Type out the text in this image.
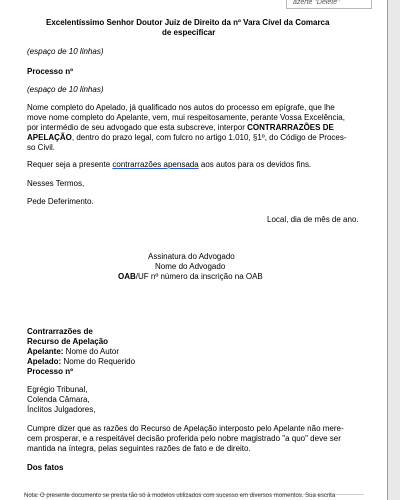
azerte "Delete"
Excelentíssimo Senhor Doutor Juiz de Direito da nº Vara Cível da Comarca
de especificar
(espaço de 10 linhas)
Processo nº
(espaço de 10 linhas)
Nome completo do Apelado, já qualificado nos autos do processo em epígrafe, que lhe
move nome completo do Apelante, vem, mui respeitosamente, perante Vossa Excelência,
por intermédio de seu advogado que esta subscreve, interpor CONTRARRAZÕES DE
APELAÇÃO, dentro do prazo legal, com fulcro no artigo 1.010, §1º, do Código de Proces-
so Civil.
Requer seja a presente contrarrazões apensada aos autos para os devidos fins.
Nesses Termos,
Pede Deferimento.
Local, dia de mês de ano.
Assinatura do Advogado
Nome do Advogado
OAB/UF nº número da inscrição na OAB
Contrarrazões de
Recurso de Apelação
Apelante: Nome do Autor
Apelado: Nome do Requerido
Processo nº
Egrégio Tribunal,
Colenda Câmara,
Ínclitos Julgadores,
Cumpre dizer que as razões do Recurso de Apelação interposto pelo Apelante não mere-
cem prosperar, e a respeitável decisão proferida pelo nobre magistrado "a quo" deve ser
mantida na íntegra, pelas seguintes razões de fato e de direito.
Dos fatos
Nota: O presente documento se presta tão só à modelos utilizados com sucesso em diversos momentos. Sua escrita
